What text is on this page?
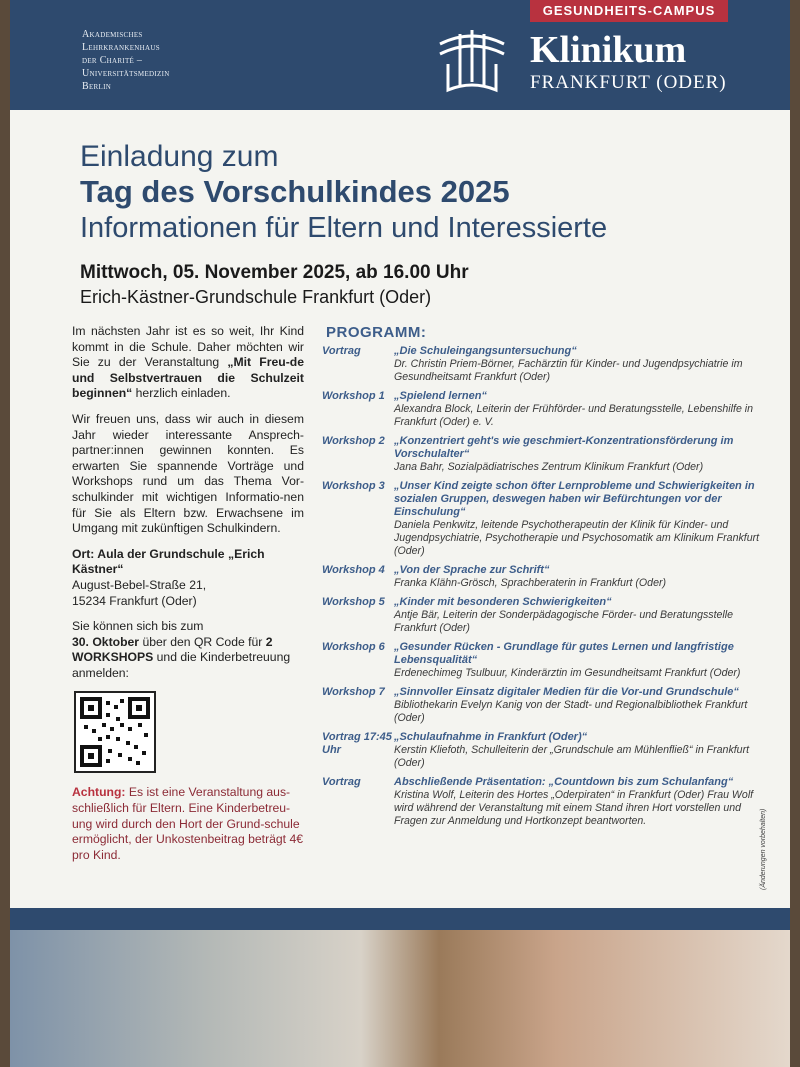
Akademisches
Lehrkrankenhaus
der Charité –
Universitätsmedizin
Berlin
GESUNDHEITS-CAMPUS
Klinikum
FRANKFURT (ODER)
Einladung zum
Tag des Vorschulkindes 2025
Informationen für Eltern und Interessierte
Mittwoch, 05. November 2025, ab 16.00 Uhr
Erich-Kästner-Grundschule Frankfurt (Oder)

Im nächsten Jahr ist es so weit, Ihr Kind kommt in die Schule. Daher möchten wir Sie zu der Veranstaltung „Mit Freu-de und Selbstvertrauen die Schulzeit beginnen“ herzlich einladen.

Wir freuen uns, dass wir auch in diesem Jahr wieder interessante Ansprech-partner:innen gewinnen konnten. Es erwarten Sie spannende Vorträge und Workshops rund um das Thema Vor-schulkinder mit wichtigen Informatio-nen für Sie als Eltern bzw. Erwachsene im Umgang mit zukünftigen Schulkindern.

Ort: Aula der Grundschule „Erich Kästner“
August-Bebel-Straße 21,
15234 Frankfurt (Oder)

Sie können sich bis zum
30. Oktober über den QR Code für 2 WORKSHOPS und die Kinderbetreuung anmelden:

Achtung: Es ist eine Veranstaltung aus-schließlich für Eltern. Eine Kinderbetreu-ung wird durch den Hort der Grund-schule ermöglicht, der Unkostenbeitrag beträgt 4€ pro Kind.

PROGRAMM:
Vortrag	„Die Schuleingangsuntersuchung“
Dr. Christin Priem-Börner, Fachärztin für Kinder- und Jugendpsychiatrie im Gesundheitsamt Frankfurt (Oder)
Workshop 1 „Spielend lernen“
Alexandra Block, Leiterin der Frühförder- und Beratungsstelle, Lebenshilfe in Frankfurt (Oder) e. V.
Workshop 2 „Konzentriert geht's wie geschmiert-Konzentrationsförderung im Vorschulalter“
Jana Bahr, Sozialpädiatrisches Zentrum Klinikum Frankfurt (Oder)
Workshop 3 „Unser Kind zeigte schon öfter Lernprobleme und Schwierigkeiten in sozialen Gruppen, deswegen haben wir Befürchtungen vor der Einschulung“
Daniela Penkwitz, leitende Psychotherapeutin der Klinik für Kinder- und Jugendpsychiatrie, Psychotherapie und Psychosomatik am Klinikum Frankfurt (Oder)
Workshop 4 „Von der Sprache zur Schrift“
Franka Klähn-Grösch, Sprachberaterin in Frankfurt (Oder)
Workshop 5 „Kinder mit besonderen Schwierigkeiten“
Antje Bär, Leiterin der Sonderpädagogische Förder- und Beratungsstelle Frankfurt (Oder)
Workshop 6 „Gesunder Rücken - Grundlage für gutes Lernen und langfristige Lebensqualität“
Erdenechimeg Tsulbuur, Kinderärztin im Gesundheitsamt Frankfurt (Oder)
Workshop 7 „Sinnvoller Einsatz digitaler Medien für die Vor-und Grundschule“
Bibliothekarin Evelyn Kanig von der Stadt- und Regionalbibliothek Frankfurt (Oder)
Vortrag 17:45 Uhr
„Schulaufnahme in Frankfurt (Oder)“
Kerstin Kliefoth, Schulleiterin der „Grundschule am Mühlenfließ“ in Frankfurt (Oder)
Vortrag	Abschließende Präsentation: „Countdown bis zum Schulanfang“
Kristina Wolf, Leiterin des Hortes „Oderpiraten“ in Frankfurt (Oder) Frau Wolf wird während der Veranstaltung mit einem Stand ihren Hort vorstellen und Fragen zur Anmeldung und Hortkonzept beantworten.	(Änderungen vorbehalten)
